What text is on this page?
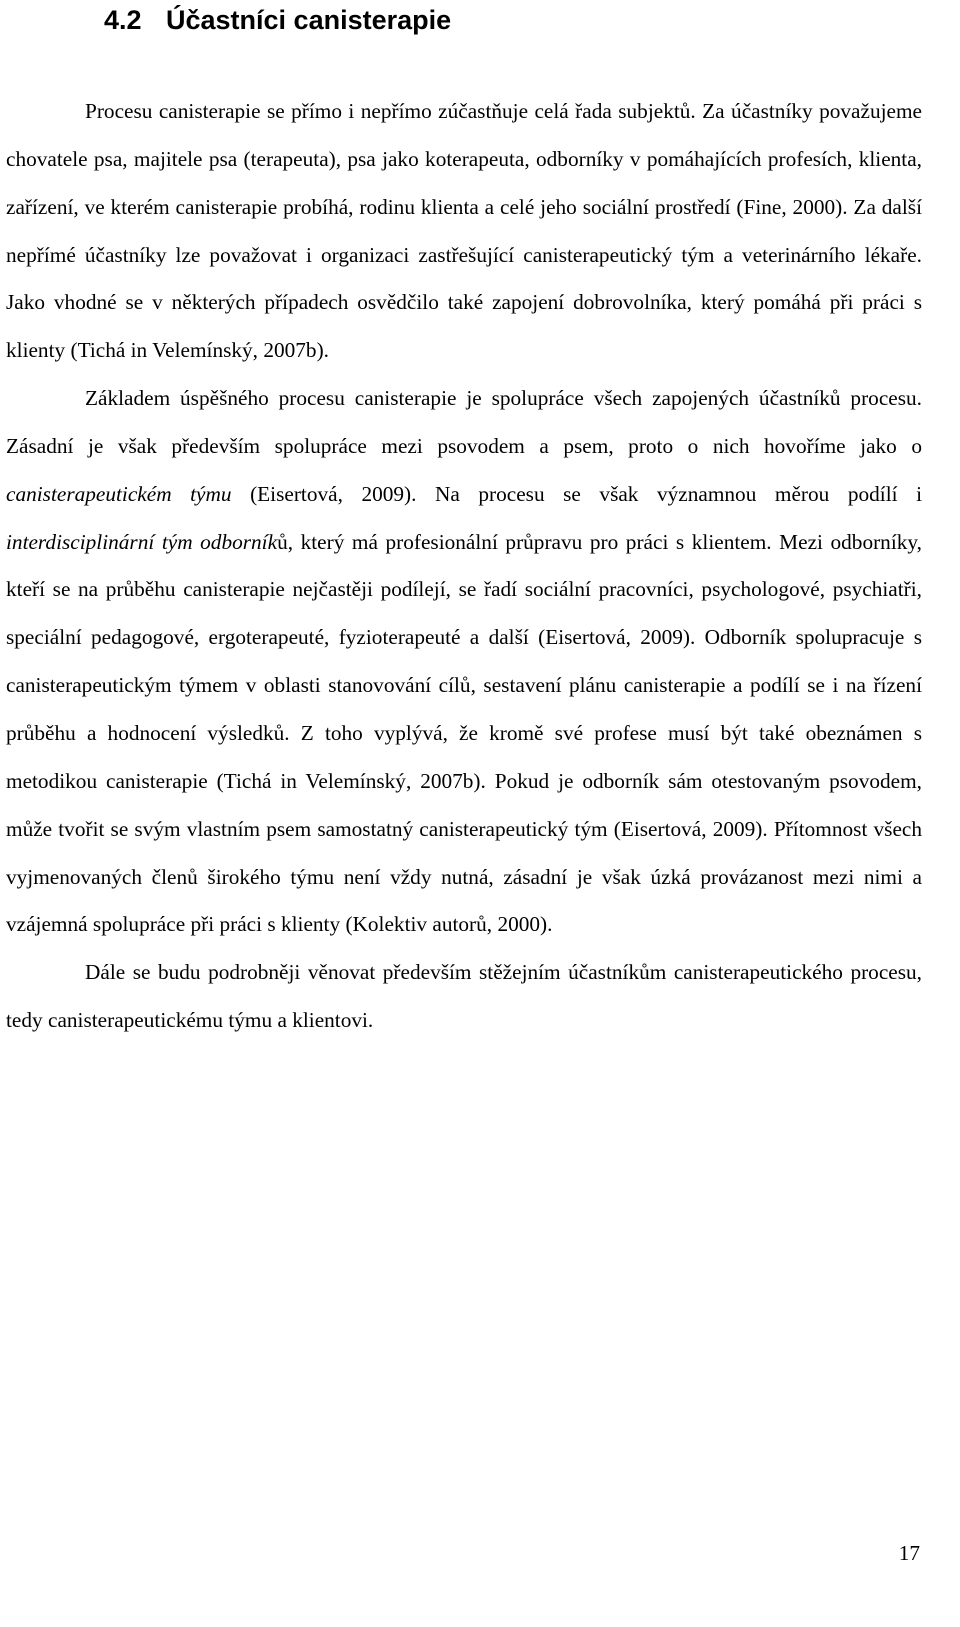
4.2 Účastníci canisterapie

Procesu canisterapie se přímo i nepřímo zúčastňuje celá řada subjektů. Za účastníky považujeme chovatele psa, majitele psa (terapeuta), psa jako koterapeuta, odborníky v pomáhajících profesích, klienta, zařízení, ve kterém canisterapie probíhá, rodinu klienta a celé jeho sociální prostředí (Fine, 2000). Za další nepřímé účastníky lze považovat i organizaci zastřešující canisterapeutický tým a veterinárního lékaře. Jako vhodné se v některých případech osvědčilo také zapojení dobrovolníka, který pomáhá při práci s klienty (Tichá in Velemínský, 2007b).

Základem úspěšného procesu canisterapie je spolupráce všech zapojených účastníků procesu. Zásadní je však především spolupráce mezi psovodem a psem, proto o nich hovoříme jako o canisterapeutickém týmu (Eisertová, 2009). Na procesu se však významnou měrou podílí i interdisciplinární tým odborníků, který má profesionální průpravu pro práci s klientem. Mezi odborníky, kteří se na průběhu canisterapie nejčastěji podílejí, se řadí sociální pracovníci, psychologové, psychiatři, speciální pedagogové, ergoterapeuté, fyzioterapeuté a další (Eisertová, 2009). Odborník spolupracuje s canisterapeutickým týmem v oblasti stanovování cílů, sestavení plánu canisterapie a podílí se i na řízení průběhu a hodnocení výsledků. Z toho vyplývá, že kromě své profese musí být také obeznámen s metodikou canisterapie (Tichá in Velemínský, 2007b). Pokud je odborník sám otestovaným psovodem, může tvořit se svým vlastním psem samostatný canisterapeutický tým (Eisertová, 2009). Přítomnost všech vyjmenovaných členů širokého týmu není vždy nutná, zásadní je však úzká provázanost mezi nimi a vzájemná spolupráce při práci s klienty (Kolektiv autorů, 2000).

Dále se budu podrobněji věnovat především stěžejním účastníkům canisterapeutického procesu, tedy canisterapeutickému týmu a klientovi.

17
